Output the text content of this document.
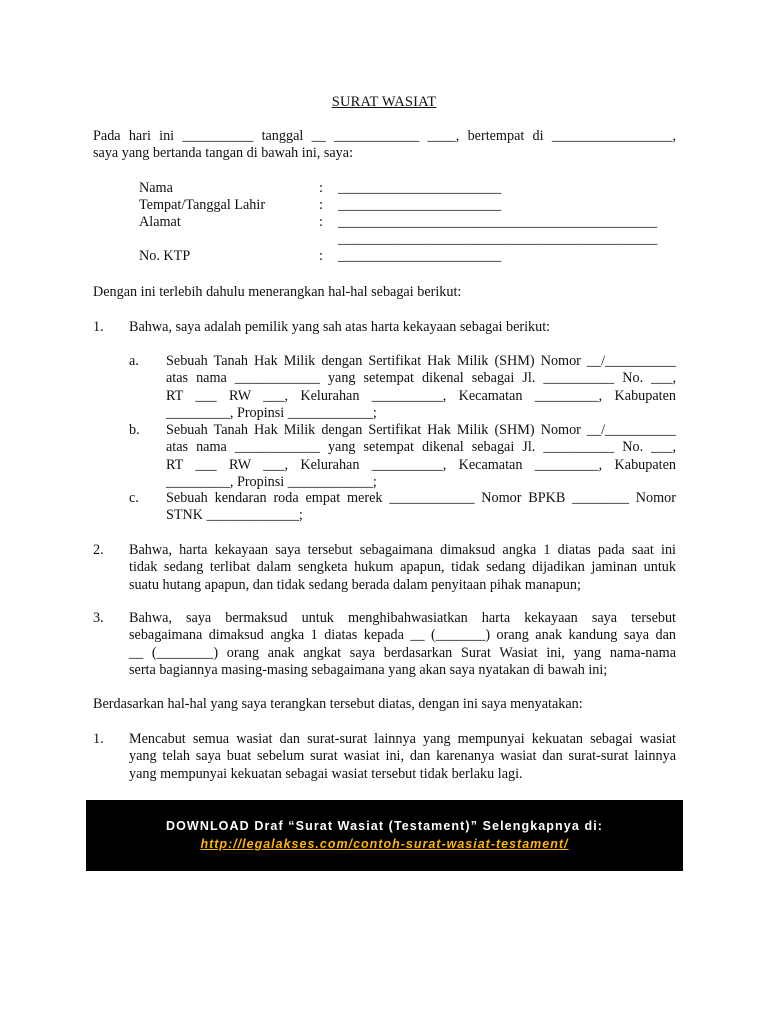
SURAT WASIAT
Pada hari ini __________ tanggal __ ____________ ____, bertempat di _________________,
saya yang bertanda tangan di bawah ini, saya:
Nama	: _______________________
Tempat/Tanggal Lahir	: _______________________
Alamat	: _____________________________________________
_____________________________________________
No. KTP	: _______________________
Dengan ini terlebih dahulu menerangkan hal-hal sebagai berikut:
1. Bahwa, saya adalah pemilik yang sah atas harta kekayaan sebagai berikut:
a. Sebuah Tanah Hak Milik dengan Sertifikat Hak Milik (SHM) Nomor __/__________
atas nama ____________ yang setempat dikenal sebagai Jl. __________ No. ___,
RT ___ RW ___, Kelurahan __________, Kecamatan _________, Kabupaten
_________, Propinsi ____________;
b. Sebuah Tanah Hak Milik dengan Sertifikat Hak Milik (SHM) Nomor __/__________
atas nama ____________ yang setempat dikenal sebagai Jl. __________ No. ___,
RT ___ RW ___, Kelurahan __________, Kecamatan _________, Kabupaten
_________, Propinsi ____________;
c. Sebuah kendaran roda empat merek ____________ Nomor BPKB ________ Nomor
STNK _____________;
2. Bahwa, harta kekayaan saya tersebut sebagaimana dimaksud angka 1 diatas pada saat ini
tidak sedang terlibat dalam sengketa hukum apapun, tidak sedang dijadikan jaminan untuk
suatu hutang apapun, dan tidak sedang berada dalam penyitaan pihak manapun;
3. Bahwa, saya bermaksud untuk menghibahwasiatkan harta kekayaan saya tersebut
sebagaimana dimaksud angka 1 diatas kepada __ (_______) orang anak kandung saya dan
__ (________) orang anak angkat saya berdasarkan Surat Wasiat ini, yang nama-nama
serta bagiannya masing-masing sebagaimana yang akan saya nyatakan di bawah ini;
Berdasarkan hal-hal yang saya terangkan tersebut diatas, dengan ini saya menyatakan:
1. Mencabut semua wasiat dan surat-surat lainnya yang mempunyai kekuatan sebagai wasiat
yang telah saya buat sebelum surat wasiat ini, dan karenanya wasiat dan surat-surat lainnya
yang mempunyai kekuatan sebagai wasiat tersebut tidak berlaku lagi.
DOWNLOAD Draf “Surat Wasiat (Testament)” Selengkapnya di:
http://legalakses.com/contoh-surat-wasiat-testament/
